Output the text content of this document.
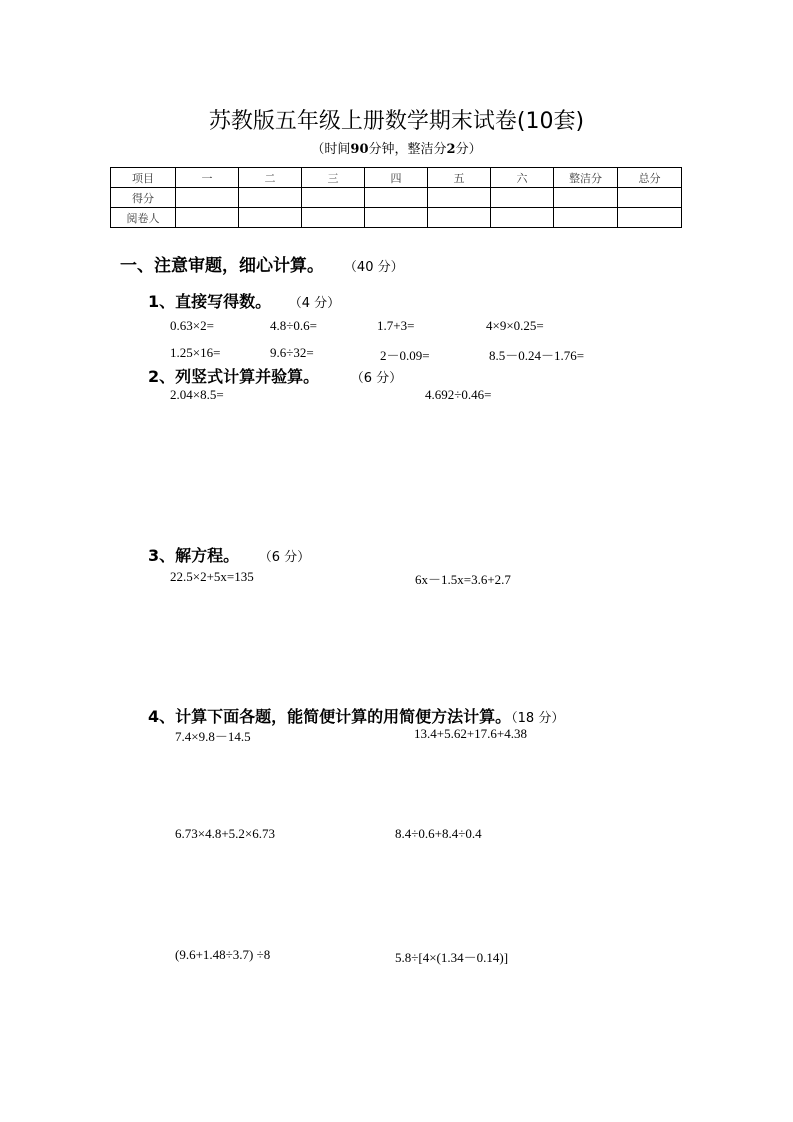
苏教版五年级上册数学期末试卷(10套)
（时间90分钟，整洁分2分）
项目	一	二	三	四	五	六	整洁分	总分
得分								
阅卷人								
一、注意审题，细心计算。 （40 分）
1、直接写得数。 （4 分）
0.63×2=	4.8÷0.6=	1.7+3=	4×9×0.25=
1.25×16=	9.6÷32=	2－0.09=	8.5－0.24－1.76=
2、列竖式计算并验算。 （6 分）
2.04×8.5=	4.692÷0.46=
3、解方程。 （6 分）
22.5×2+5x=135	6x－1.5x=3.6+2.7
4、计算下面各题，能简便计算的用简便方法计算。（18 分）
7.4×9.8－14.5	13.4+5.62+17.6+4.38
6.73×4.8+5.2×6.73	8.4÷0.6+8.4÷0.4
(9.6+1.48÷3.7) ÷8	5.8÷[4×(1.34－0.14)]
